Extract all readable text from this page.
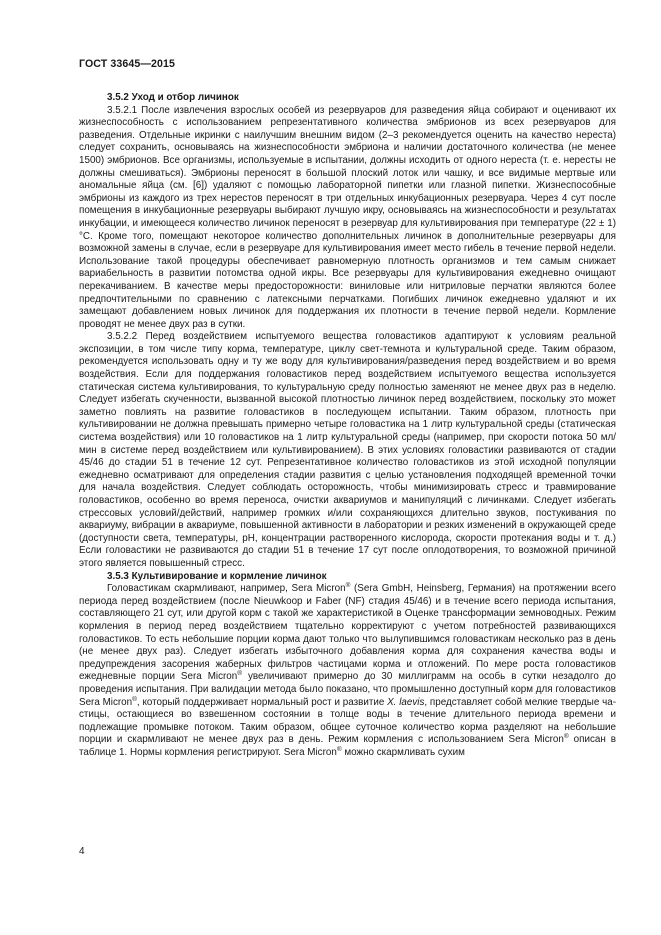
ГОСТ 33645—2015

3.5.2 Уход и отбор личинок

3.5.2.1 После извлечения взрослых особей из резервуаров для разведения яйца собирают и оценивают их жизнеспособность с использованием репрезентативного количества эмбрионов из всех резервуаров для разведения. Отдельные икринки с наилучшим внешним видом (2–3 рекомендуется оценить на качество нереста) следует сохранить, основываясь на жизнеспособности эмбриона и наличии достаточного количества (не менее 1500) эмбрионов. Все организмы, используемые в испытании, должны исходить от одного нереста (т. е. нересты не должны смешиваться). Эмбрионы переносят в большой плоский лоток или чашку, и все видимые мертвые или аномальные яйца (см. [6]) удаляют с помощью лабораторной пипетки или глазной пипетки. Жизнеспособные эмбрионы из каждого из трех нерестов переносят в три отдельных инкубационных резервуара. Через 4 сут после помещения в инкубационные резервуары выбирают лучшую икру, основываясь на жизнеспособности и результатах инкубации, и имеющееся количество личинок переносят в резервуар для культивирования при температуре (22 ± 1) °С. Кроме того, помещают некоторое количество дополнительных личинок в дополнительные резервуары для возможной замены в случае, если в резервуаре для культивирования имеет место гибель в течение первой недели. Использование такой процедуры обеспечивает равномерную плотность организмов и тем самым снижает вариабельность в развитии потомства одной икры. Все резервуары для культивирования ежедневно очищают перекачиванием. В качестве меры предосторожности: виниловые или нитриловые перчатки являются более предпочтительными по сравнению с латексными перчатками. Погибших личинок ежедневно удаляют и их замещают добавлением новых личинок для поддержания их плотности в течение первой недели. Кормление проводят не менее двух раз в сутки.

3.5.2.2 Перед воздействием испытуемого вещества головастиков адаптируют к условиям реальной экспозиции, в том числе типу корма, температуре, циклу свет-темнота и культуральной среде. Таким образом, рекомендуется использовать одну и ту же воду для культивирования/разведения перед воздействием и во время воздействия. Если для поддержания головастиков перед воздействием испытуемого вещества используется статическая система культивирования, то культуральную среду полностью заменяют не менее двух раз в неделю. Следует избегать скученности, вызванной высокой плотностью личинок перед воздействием, поскольку это может заметно повлиять на развитие головастиков в последующем испытании. Таким образом, плотность при культивировании не должна превышать примерно четыре головастика на 1 литр культуральной среды (статическая система воздействия) или 10 головастиков на 1 литр культуральной среды (например, при скорости потока 50 мл/мин в системе перед воздействием или культивированием). В этих условиях головастики развиваются от стадии 45/46 до стадии 51 в течение 12 сут. Репрезентативное количество головастиков из этой исходной популяции ежедневно осматривают для определения стадии развития с целью установления подходящей временной точки для начала воздействия. Следует соблюдать осторожность, чтобы минимизировать стресс и травмирование головастиков, особенно во время переноса, очистки аквариумов и манипуляций с личинками. Следует избегать стрессовых условий/действий, например громких и/или сохраняющихся длительно звуков, постукивания по аквариуму, вибрации в аквариуме, повышенной активности в лаборатории и резких изменений в окружающей среде (доступности света, температуры, рН, концентрации растворенного кислорода, скорости протекания воды и т. д.) Если головастики не развиваются до стадии 51 в течение 17 сут после оплодотворения, то возможной причиной этого является повышенный стресс.

3.5.3 Культивирование и кормление личинок

Головастикам скармливают, например, Sera Micron® (Sera GmbH, Heinsberg, Германия) на протяжении всего периода перед воздействием (после Nieuwkoop и Faber (NF) стадия 45/46) и в течение всего периода испытания, составляющего 21 сут, или другой корм с такой же характеристикой в Оценке трансформации земноводных. Режим кормления в период перед воздействием тщательно корректируют с учетом потребностей развивающихся головастиков. То есть небольшие порции корма дают только что вылупившимся головастикам несколько раз в день (не менее двух раз). Следует избегать избыточного добавления корма для сохранения качества воды и предупреждения засорения жаберных фильтров частицами корма и отложений. По мере роста головастиков ежедневные порции Sera Micron® увеличивают примерно до 30 миллиграмм на особь в сутки незадолго до проведения испытания. При валидации метода было показано, что промышленно доступный корм для головастиков Sera Micron®, который поддерживает нормальный рост и развитие X. laevis, представляет собой мелкие твердые частицы, остающиеся во взвешенном состоянии в толще воды в течение длительного периода времени и подлежащие промывке потоком. Таким образом, общее суточное количество корма разделяют на небольшие порции и скармливают не менее двух раз в день. Режим кормления с использованием Sera Micron® описан в таблице 1. Нормы кормления регистрируют. Sera Micron® можно скармливать сухим

4
